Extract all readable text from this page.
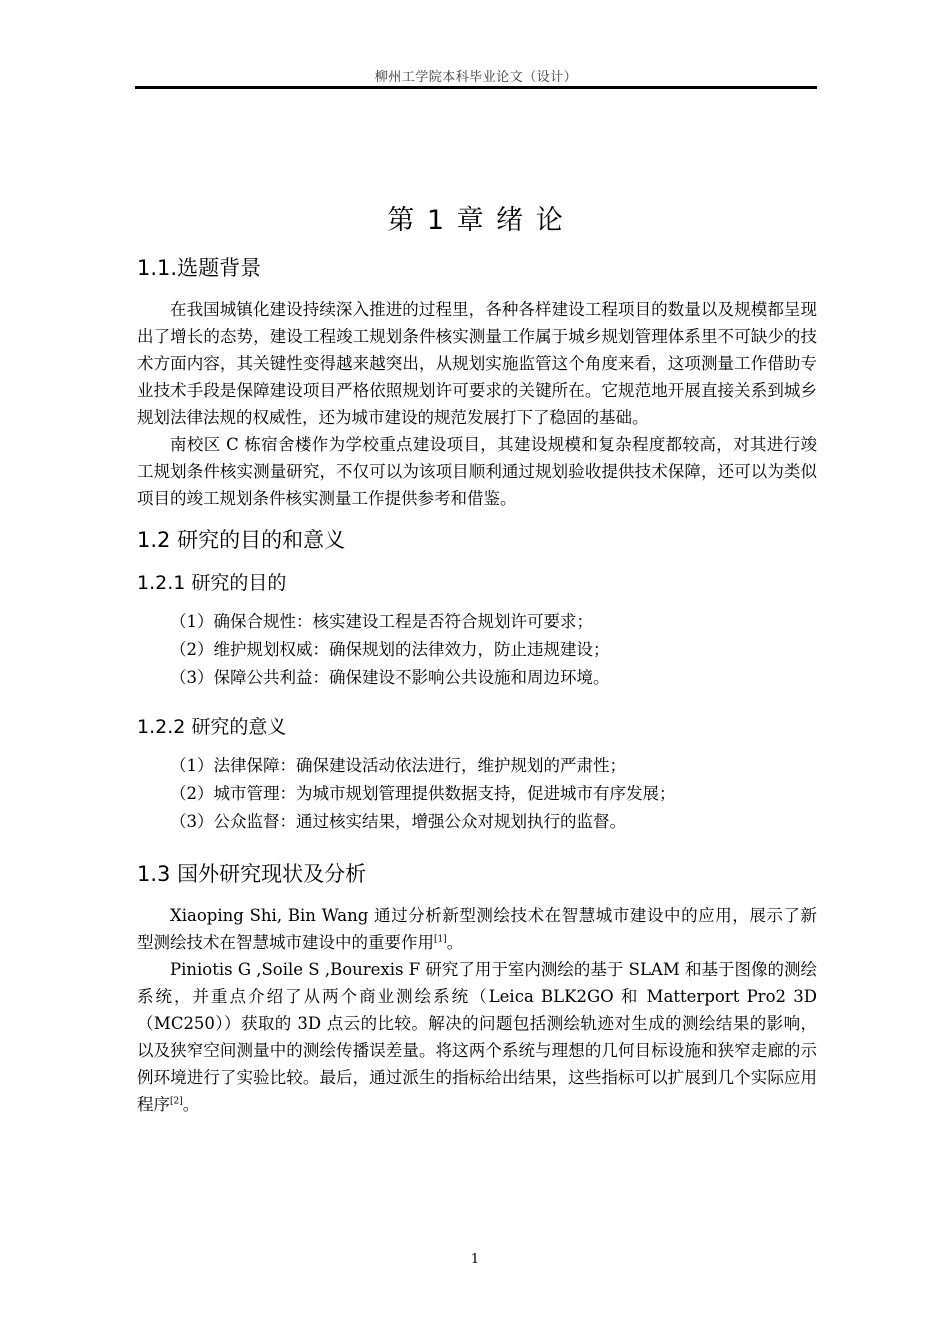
柳州工学院本科毕业论文（设计）
第 1 章 绪 论
1.1.选题背景

在我国城镇化建设持续深入推进的过程里，各种各样建设工程项目的数量以及规模都呈现出了增长的态势，建设工程竣工规划条件核实测量工作属于城乡规划管理体系里不可缺少的技术方面内容，其关键性变得越来越突出，从规划实施监管这个角度来看，这项测量工作借助专业技术手段是保障建设项目严格依照规划许可要求的关键所在。它规范地开展直接关系到城乡规划法律法规的权威性，还为城市建设的规范发展打下了稳固的基础。

南校区 C 栋宿舍楼作为学校重点建设项目，其建设规模和复杂程度都较高，对其进行竣工规划条件核实测量研究，不仅可以为该项目顺利通过规划验收提供技术保障，还可以为类似项目的竣工规划条件核实测量工作提供参考和借鉴。

1.2 研究的目的和意义
1.2.1 研究的目的
（1）确保合规性：核实建设工程是否符合规划许可要求；
（2）维护规划权威：确保规划的法律效力，防止违规建设；
（3）保障公共利益：确保建设不影响公共设施和周边环境。
1.2.2 研究的意义
（1）法律保障：确保建设活动依法进行，维护规划的严肃性；
（2）城市管理：为城市规划管理提供数据支持，促进城市有序发展；
（3）公众监督：通过核实结果，增强公众对规划执行的监督。
1.3 国外研究现状及分析

Xiaoping Shi, Bin Wang 通过分析新型测绘技术在智慧城市建设中的应用，展示了新型测绘技术在智慧城市建设中的重要作用[1]。

Piniotis G ,Soile S ,Bourexis F 研究了用于室内测绘的基于 SLAM 和基于图像的测绘系统，并重点介绍了从两个商业测绘系统（Leica BLK2GO 和 Matterport Pro2 3D （MC250））获取的 3D 点云的比较。解决的问题包括测绘轨迹对生成的测绘结果的影响，以及狭窄空间测量中的测绘传播误差量。将这两个系统与理想的几何目标设施和狭窄走廊的示例环境进行了实验比较。最后，通过派生的指标给出结果，这些指标可以扩展到几个实际应用程序[2]。

1
